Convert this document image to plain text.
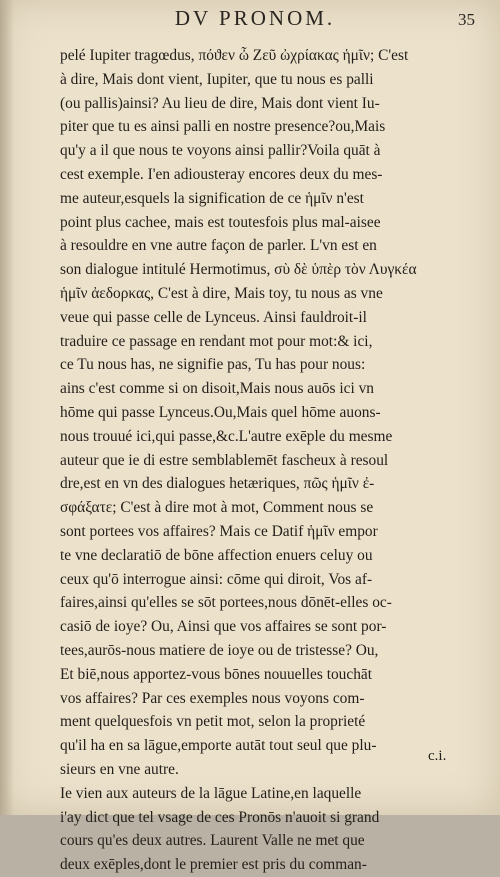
DV PRONOM.	35
pelé Iupiter tragœdus, πόϑεν ὦ Ζεῦ ὠχρίακας ἡμῖν; C'est
à dire, Mais dont vient, Iupiter, que tu nous es palli
(ou pallis)ainsi? Au lieu de dire, Mais dont vient Iu-
piter que tu es ainsi palli en nostre presence?ou,Mais
qu'y a il que nous te voyons ainsi pallir?Voila quāt à
cest exemple. I'en adiousteray encores deux du mes-
me auteur,esquels la signification de ce ἡμῖν n'est
point plus cachee, mais est toutesfois plus mal-aisee
à resouldre en vne autre façon de parler. L'vn est en
son dialogue intitulé Hermotimus, σὺ δὲ ὑπὲρ τὸν Λυγκέα
ἡμῖν ἀεδορκας, C'est à dire, Mais toy, tu nous as vne
veue qui passe celle de Lynceus. Ainsi fauldroit-il
traduire ce passage en rendant mot pour mot:& ici,
ce Tu nous has, ne signifie pas, Tu has pour nous:
ains c'est comme si on disoit,Mais nous auōs ici vn
hōme qui passe Lynceus.Ou,Mais quel hōme auons-
nous trouué ici,qui passe,&c.L'autre exēple du mesme
auteur que ie di estre semblablemēt fascheux à resoul
dre,est en vn des dialogues hetæriques, πῶς ἡμῖν ἐ-
σφάξατε; C'est à dire mot à mot, Comment nous se
sont portees vos affaires? Mais ce Datif ἡμῖν empor
te vne declaratiō de bōne affection enuers celuy ou
ceux qu'ō interrogue ainsi: cōme qui diroit, Vos af-
faires,ainsi qu'elles se sōt portees,nous dōnēt-elles oc-
casiō de ioye? Ou, Ainsi que vos affaires se sont por-
tees,aurōs-nous matiere de ioye ou de tristesse? Ou,
Et biē,nous apportez-vous bōnes nouuelles touchāt
vos affaires? Par ces exemples nous voyons com-
ment quelquesfois vn petit mot, selon la proprieté
qu'il ha en sa lāgue,emporte autāt tout seul que plu-
sieurs en vne autre.
Ie vien aux auteurs de la lāgue Latine,en laquelle
i'ay dict que tel vsage de ces Pronōs n'auoit si grand
cours qu'es deux autres. Laurent Valle ne met que
deux exēples,dont le premier est pris du comman-
c.i.
